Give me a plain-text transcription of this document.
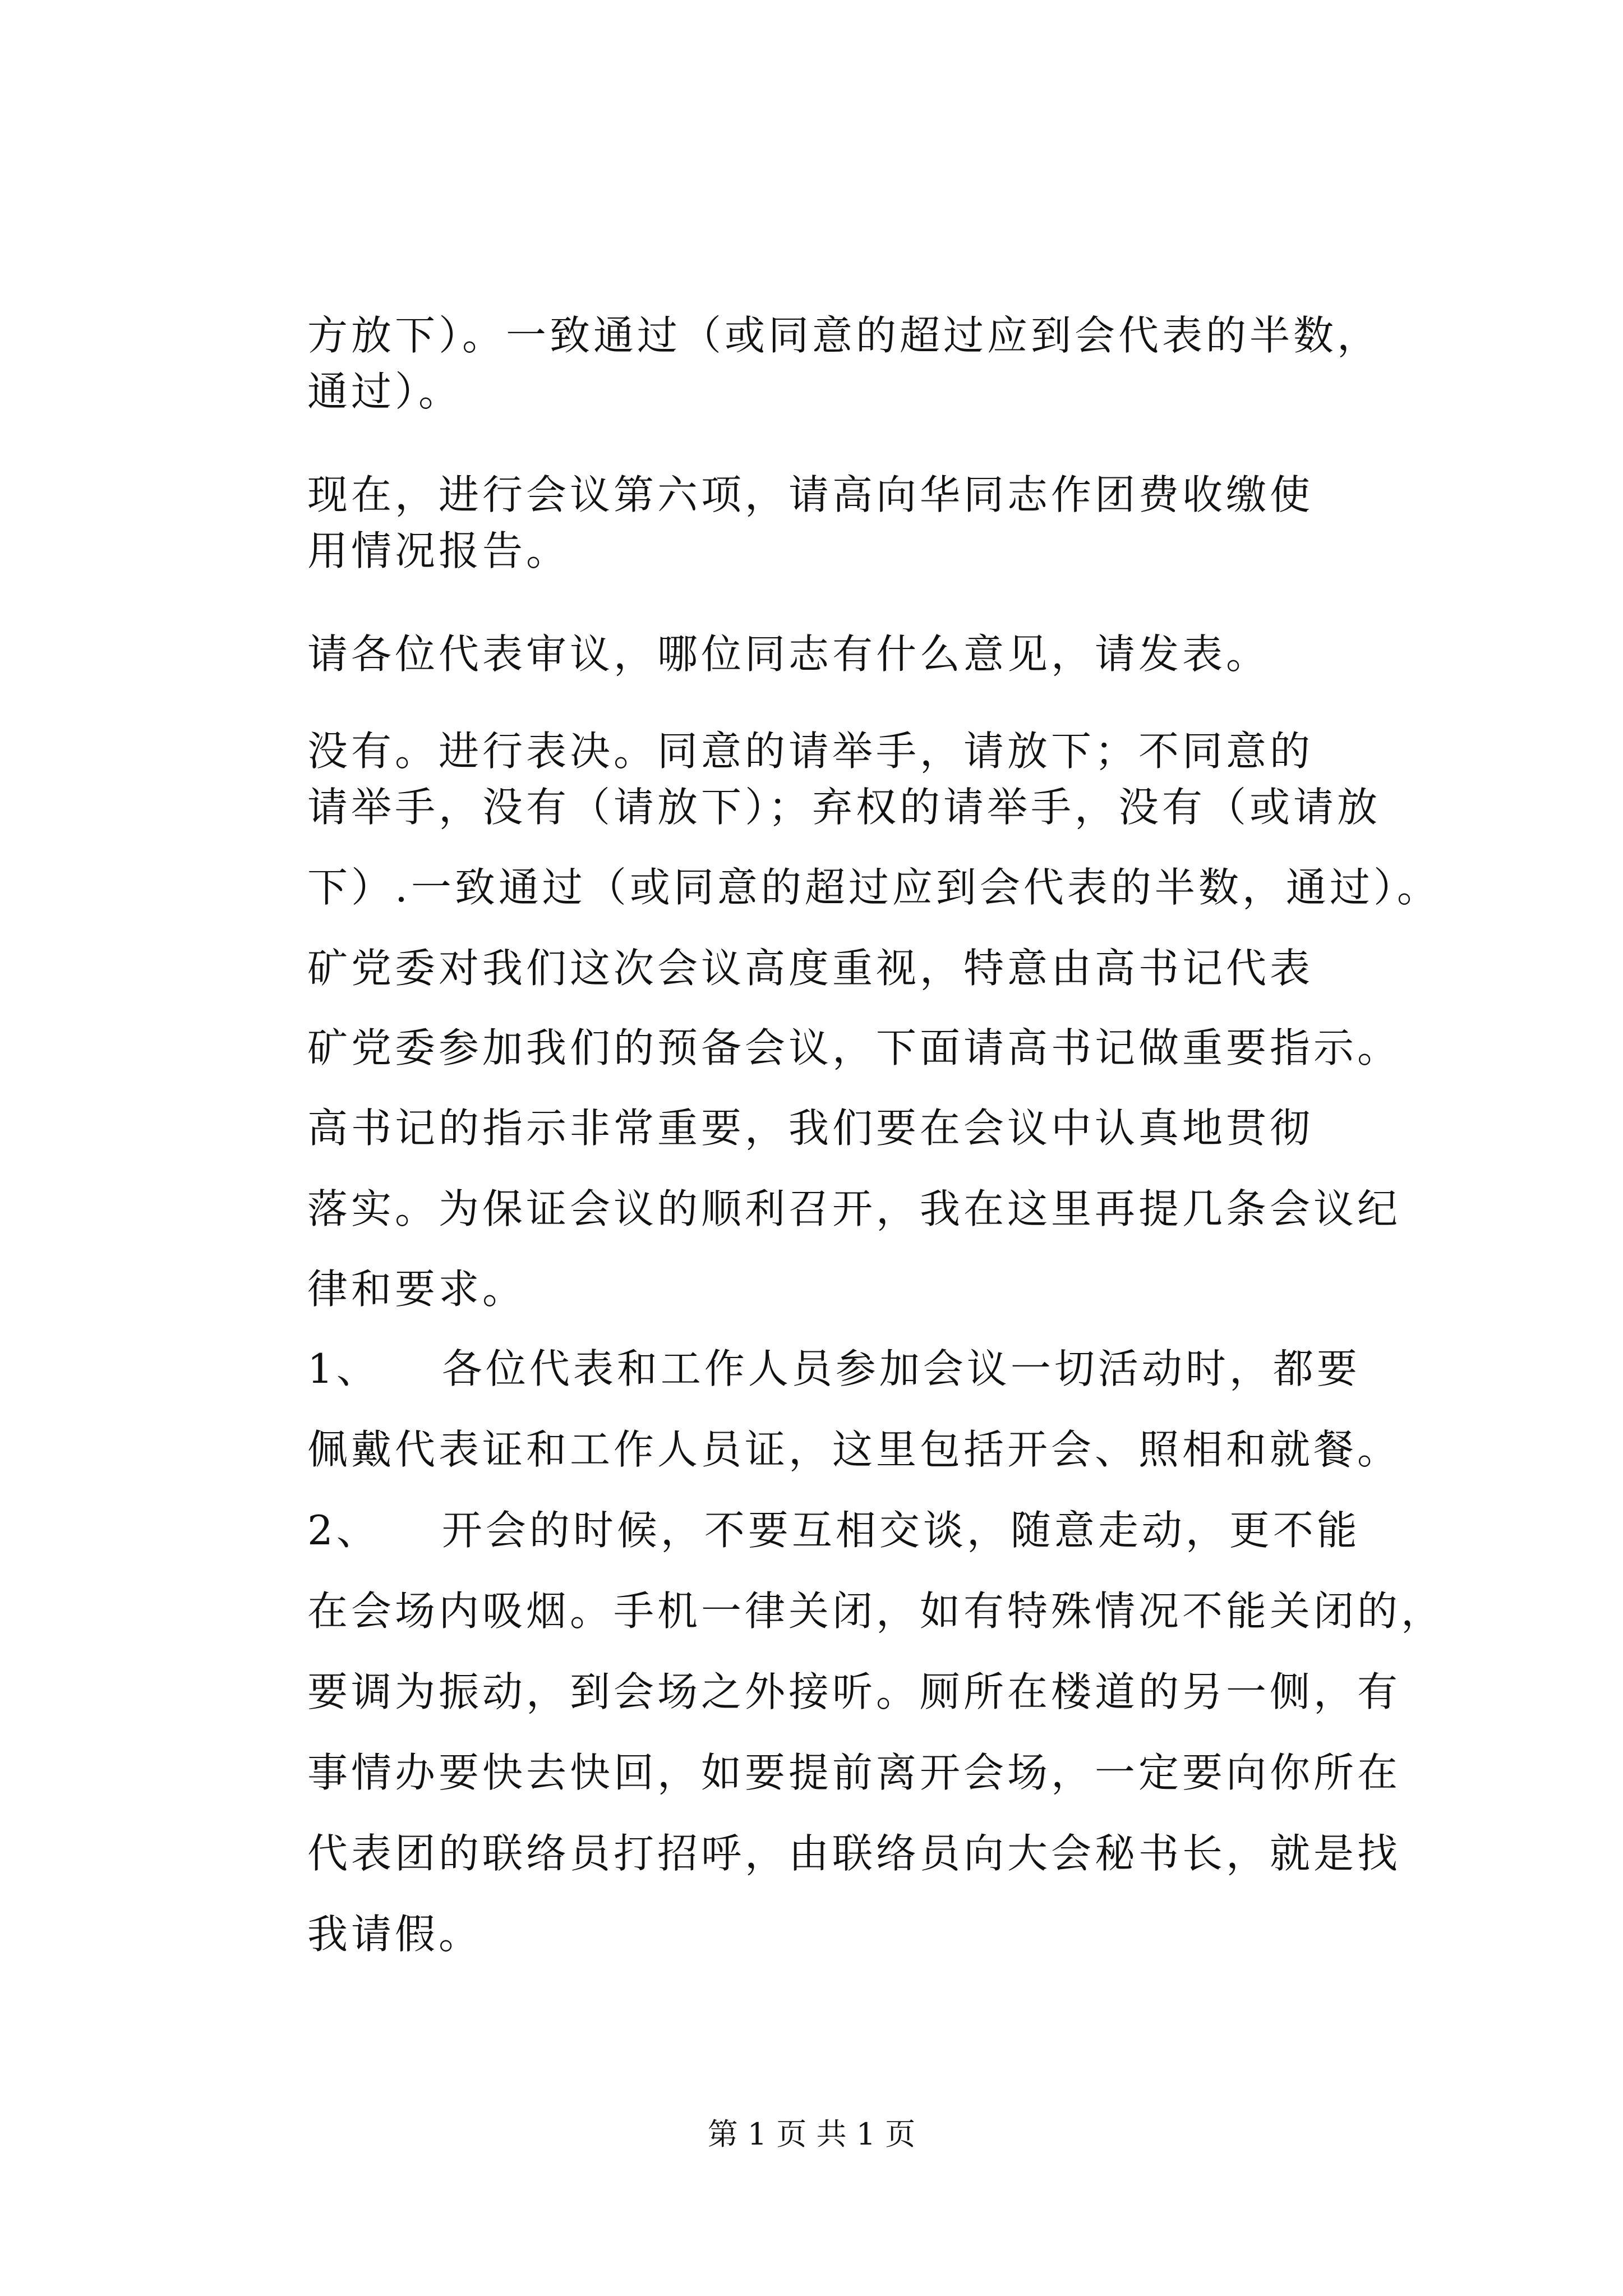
方放下）。一致通过（或同意的超过应到会代表的半数，
通过）。
现在，进行会议第六项，请高向华同志作团费收缴使
用情况报告。
请各位代表审议，哪位同志有什么意见，请发表。
没有。进行表决。同意的请举手，请放下；不同意的
请举手，没有（请放下）；弃权的请举手，没有（或请放
下）.一致通过（或同意的超过应到会代表的半数，通过）。
矿党委对我们这次会议高度重视，特意由高书记代表
矿党委参加我们的预备会议，下面请高书记做重要指示。
高书记的指示非常重要，我们要在会议中认真地贯彻
落实。为保证会议的顺利召开，我在这里再提几条会议纪
律和要求。
1、 各位代表和工作人员参加会议一切活动时，都要
佩戴代表证和工作人员证，这里包括开会、照相和就餐。
2、 开会的时候，不要互相交谈，随意走动，更不能
在会场内吸烟。手机一律关闭，如有特殊情况不能关闭的，
要调为振动，到会场之外接听。厕所在楼道的另一侧，有
事情办要快去快回，如要提前离开会场，一定要向你所在
代表团的联络员打招呼，由联络员向大会秘书长，就是找
我请假。
第 1 页 共 1 页
